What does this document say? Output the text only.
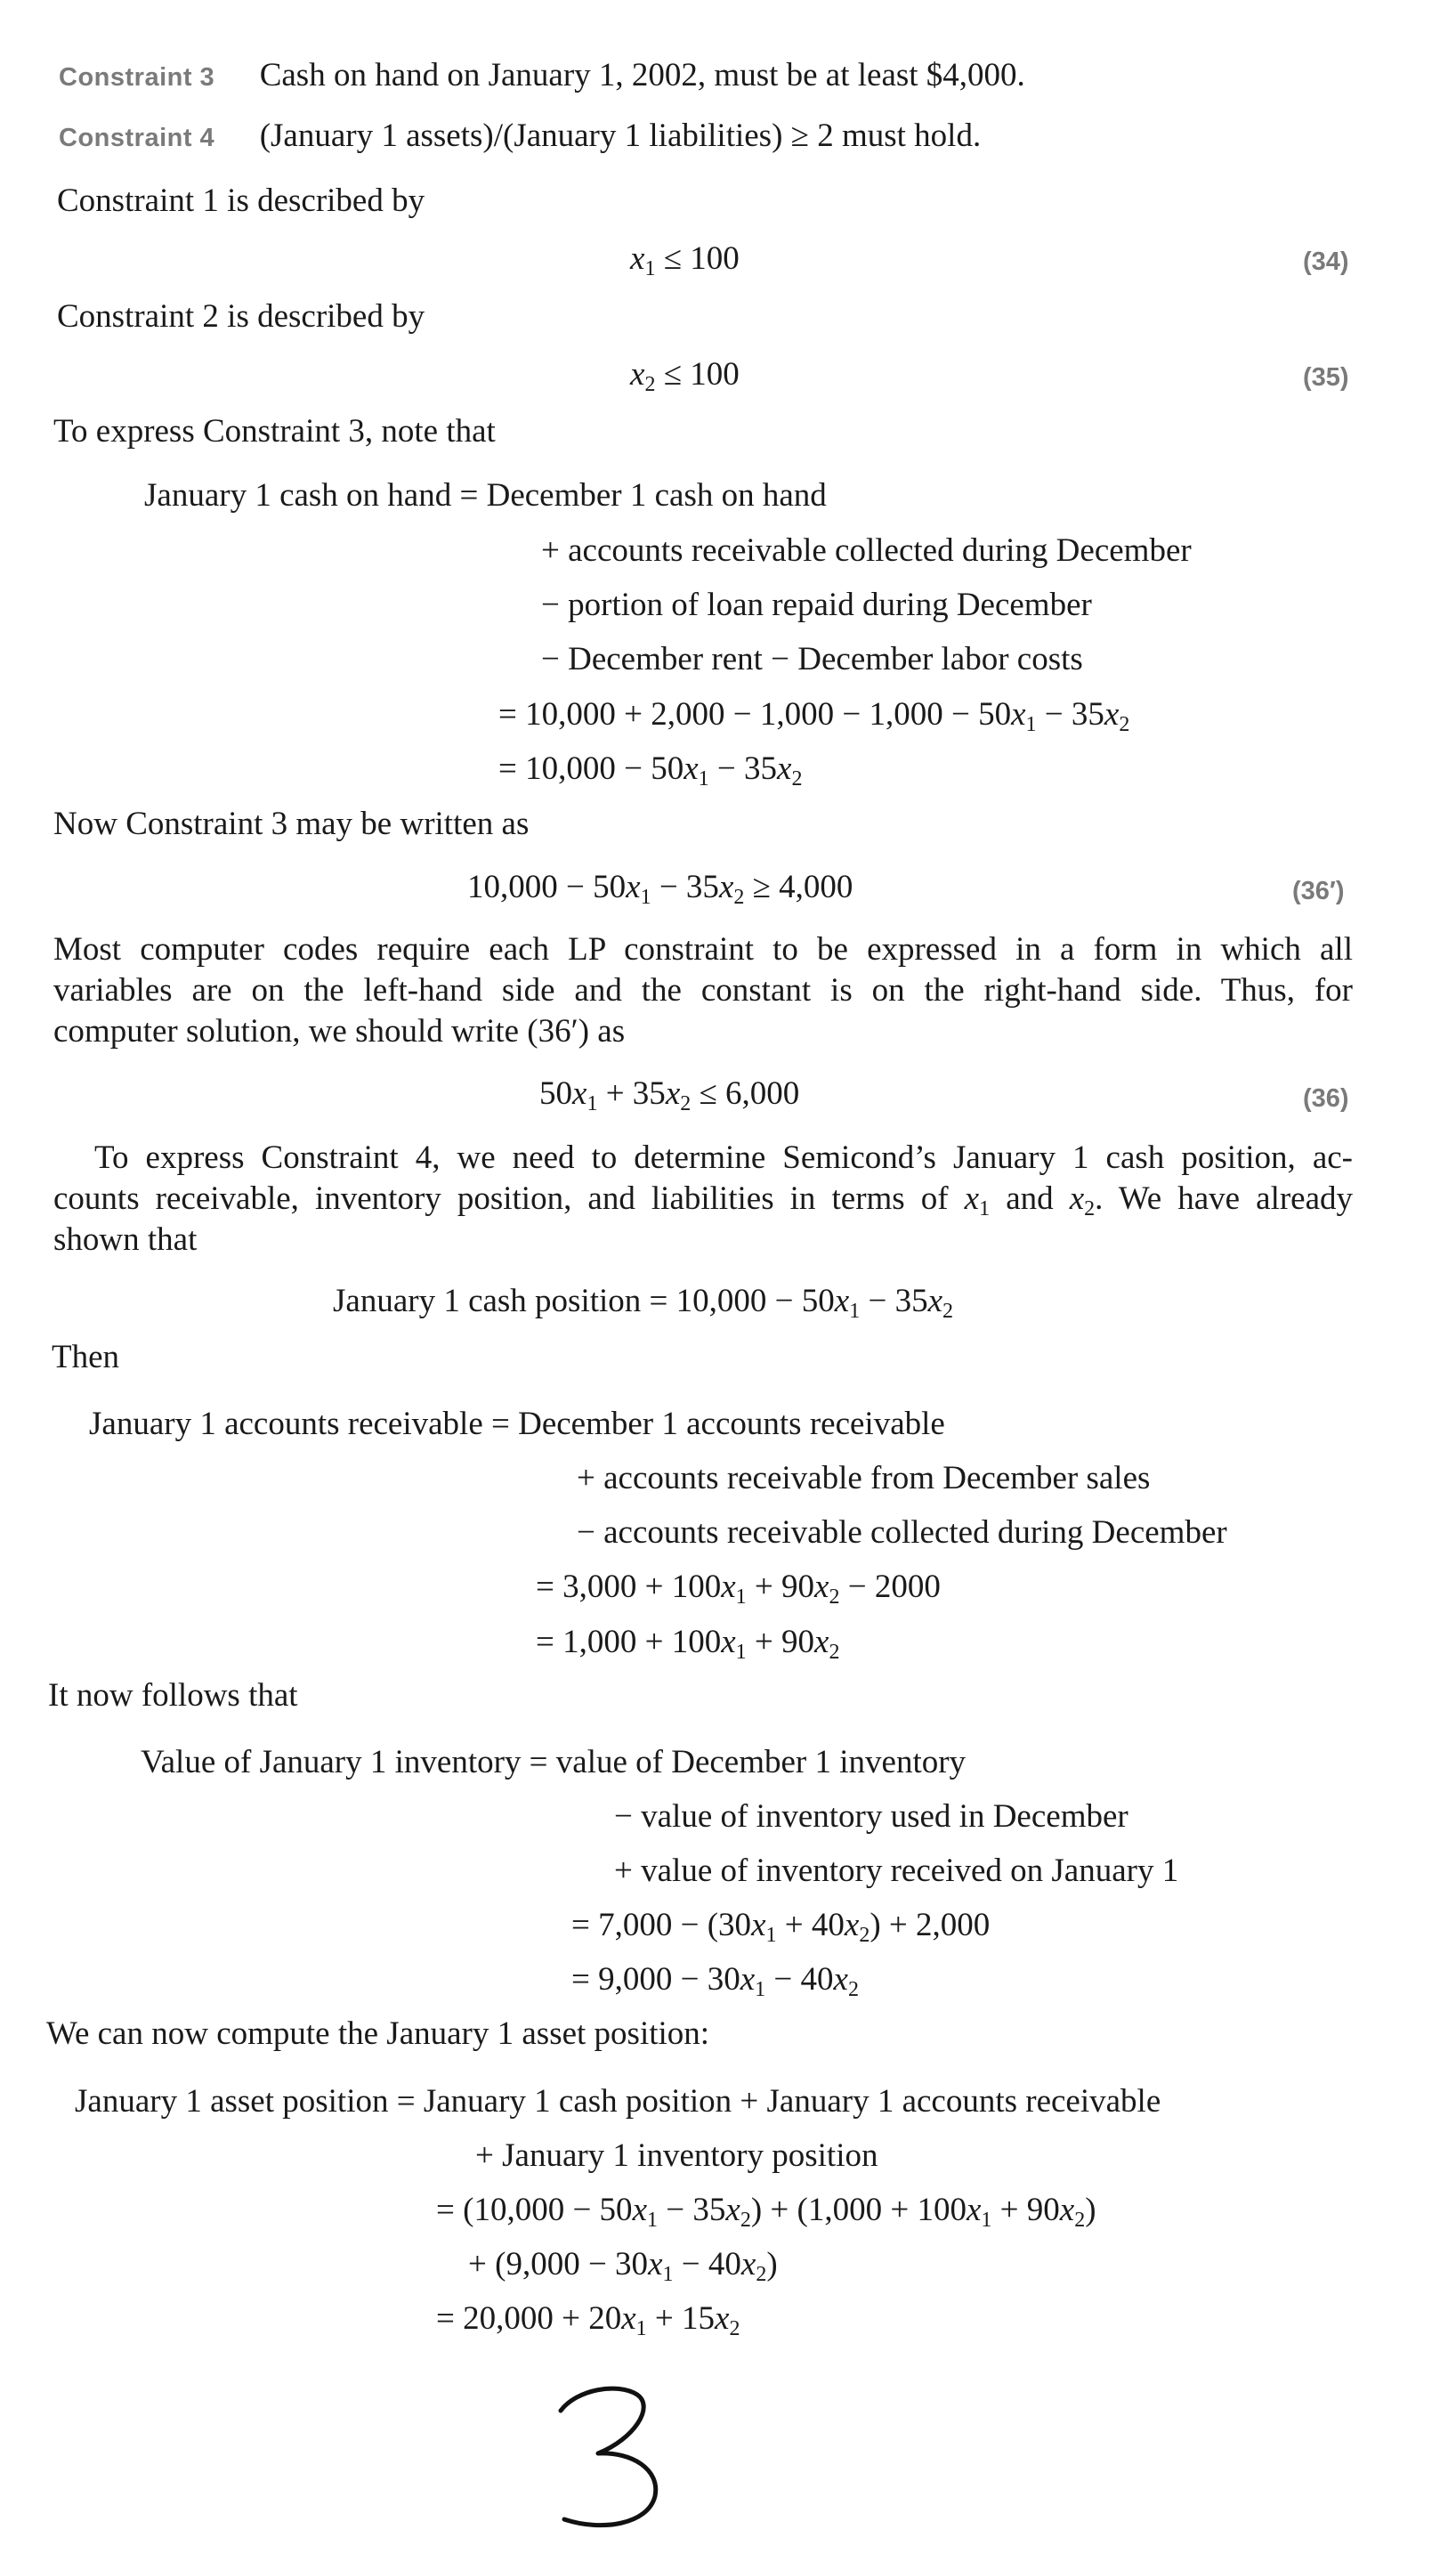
Constraint 3 Cash on hand on January 1, 2002, must be at least $4,000.
Constraint 4 (January 1 assets)/(January 1 liabilities) ≥ 2 must hold.
Constraint 1 is described by
$x_1 \le 100$	(34)
Constraint 2 is described by
$x_2 \le 100$	(35)
To express Constraint 3, note that
January 1 cash on hand = December 1 cash on hand
+ accounts receivable collected during December
− portion of loan repaid during December
− December rent − December labor costs
= $10,000 + 2,000 - 1,000 - 1,000 - 50x_1 - 35x_2$
= $10,000 - 50x_1 - 35x_2$
Now Constraint 3 may be written as
$10,000 - 50x_1 - 35x_2 \ge 4,000$	(36′)
Most computer codes require each LP constraint to be expressed in a form in which all
variables are on the left-hand side and the constant is on the right-hand side. Thus, for
computer solution, we should write (36′) as
$50x_1 + 35x_2 \le 6,000$	(36)
To express Constraint 4, we need to determine Semicond’s January 1 cash position, ac-
counts receivable, inventory position, and liabilities in terms of $x_1$ and $x_2$. We have already
shown that
January 1 cash position = $10,000 - 50x_1 - 35x_2$
Then
January 1 accounts receivable = December 1 accounts receivable
+ accounts receivable from December sales
− accounts receivable collected during December
= $3,000 + 100x_1 + 90x_2 - 2000$
= $1,000 + 100x_1 + 90x_2$
It now follows that
Value of January 1 inventory = value of December 1 inventory
− value of inventory used in December
+ value of inventory received on January 1
= $7,000 - (30x_1 + 40x_2) + 2,000$
= $9,000 - 30x_1 - 40x_2$
We can now compute the January 1 asset position:
January 1 asset position = January 1 cash position + January 1 accounts receivable
+ January 1 inventory position
= $(10,000 - 50x_1 - 35x_2) + (1,000 + 100x_1 + 90x_2)$
+ $(9,000 - 30x_1 - 40x_2)$
= $20,000 + 20x_1 + 15x_2$
